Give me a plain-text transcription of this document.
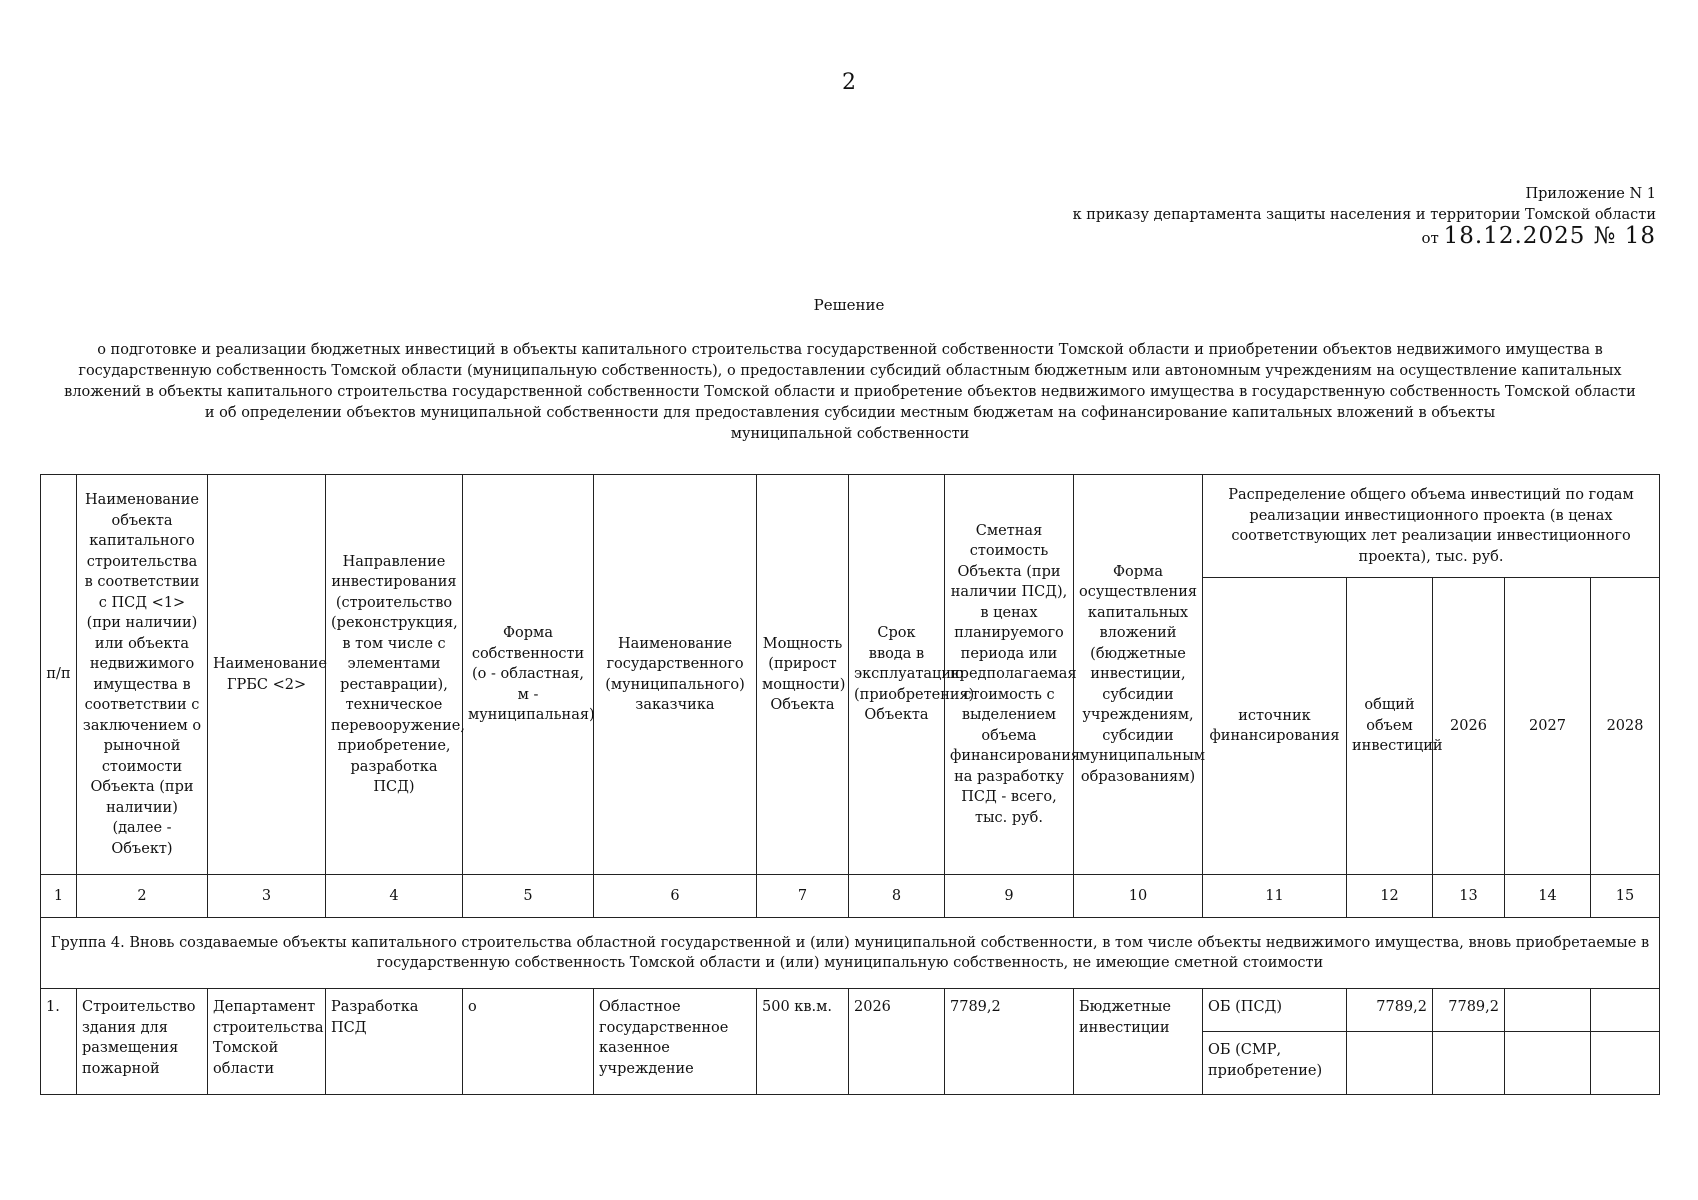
2
Приложение N 1
к приказу департамента защиты населения и территории Томской области
от 18.12.2025 № 18
Решение
о подготовке и реализации бюджетных инвестиций в объекты капитального строительства государственной собственности Томской области и приобретении объектов недвижимого имущества в
государственную собственность Томской области (муниципальную собственность), о предоставлении субсидий областным бюджетным или автономным учреждениям на осуществление капитальных
вложений в объекты капитального строительства государственной собственности Томской области и приобретение объектов недвижимого имущества в государственную собственность Томской области
и об определении объектов муниципальной собственности для предоставления субсидии местным бюджетам на софинансирование капитальных вложений в объекты
муниципальной собственности
п/п	Наименование объекта капитального строительства в соответствии с ПСД <1> (при наличии) или объекта недвижимого имущества в соответствии с заключением о рыночной стоимости Объекта (при наличии) (далее - Объект)	Наименование ГРБС <2>	Направление инвестирования (строительство (реконструкция, в том числе с элементами реставрации), техническое перевооружение, приобретение, разработка ПСД)	Форма собственности (о - областная, м - муниципальная)	Наименование государственного (муниципального) заказчика	Мощность (прирост мощности) Объекта	Срок ввода в эксплуатацию (приобретения) Объекта	Сметная стоимость Объекта (при наличии ПСД), в ценах планируемого периода или предполагаемая стоимость с выделением объема финансирования на разработку ПСД - всего, тыс. руб.	Форма осуществления капитальных вложений (бюджетные инвестиции, субсидии учреждениям, субсидии муниципальным образованиям)	Распределение общего объема инвестиций по годам реализации инвестиционного проекта (в ценах соответствующих лет реализации инвестиционного проекта), тыс. руб.				
										источник финансирования	общий объем инвестиций	2026	2027	2028
1	2	3	4	5	6	7	8	9	10	11	12	13	14	15
Группа 4. Вновь создаваемые объекты капитального строительства областной государственной и (или) муниципальной собственности, в том числе объекты недвижимого имущества, вновь приобретаемые в государственную собственность Томской области и (или) муниципальную собственность, не имеющие сметной стоимости														
1.	Строительство здания для размещения пожарной	Департамент строительства Томской области	Разработка ПСД	о	Областное государственное казенное учреждение	500 кв.м.	2026	7789,2	Бюджетные инвестиции	ОБ (ПСД)	7789,2	7789,2		
										ОБ (СМР, приобретение)				
